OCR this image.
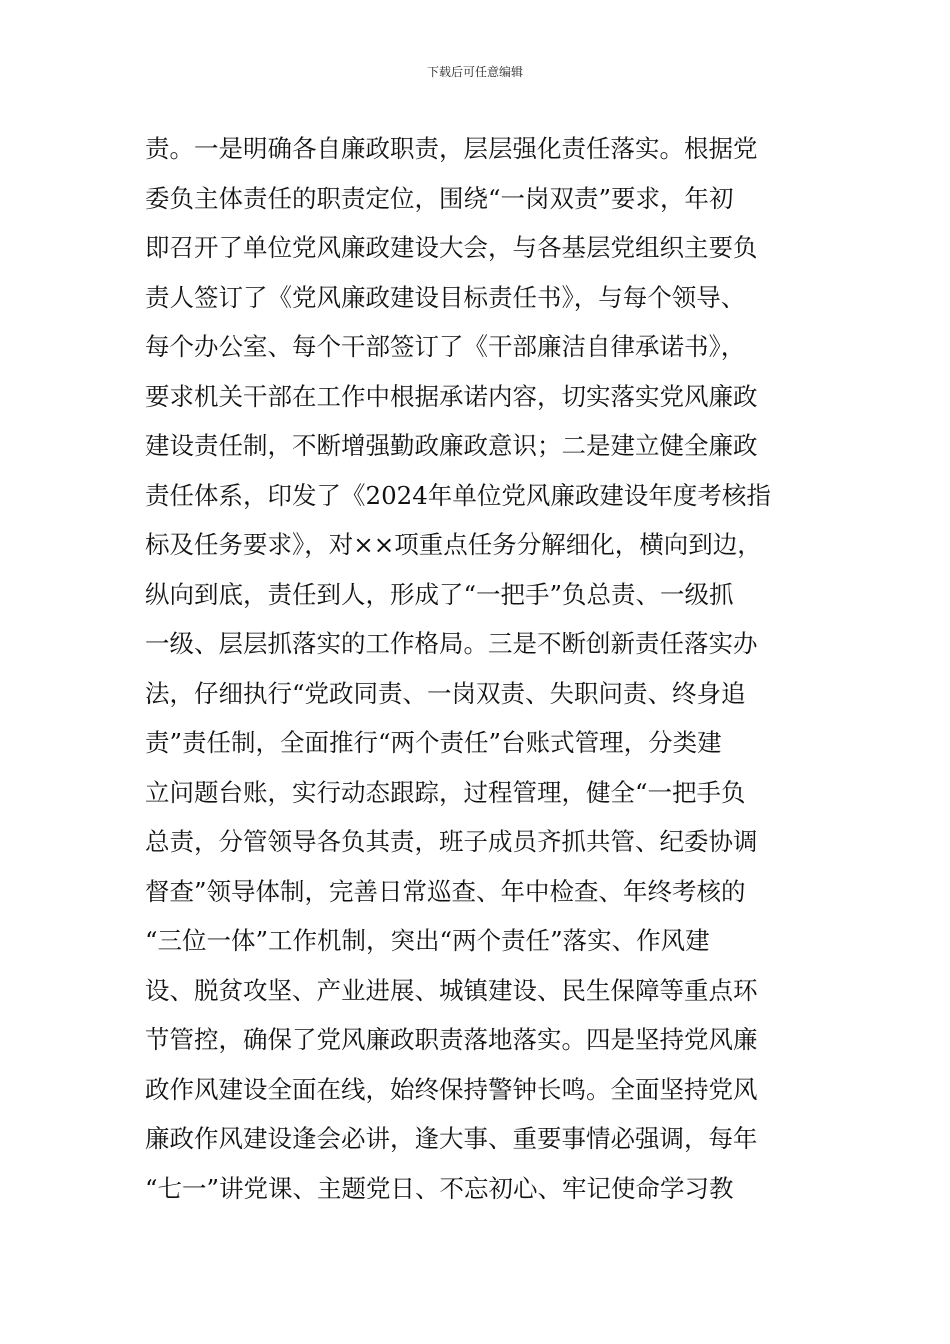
下载后可任意编辑
责。一是明确各自廉政职责，层层强化责任落实。根据党
委负主体责任的职责定位，围绕“一岗双责”要求，年初
即召开了单位党风廉政建设大会，与各基层党组织主要负
责人签订了《党风廉政建设目标责任书》，与每个领导、
每个办公室、每个干部签订了《干部廉洁自律承诺书》，
要求机关干部在工作中根据承诺内容，切实落实党风廉政
建设责任制，不断增强勤政廉政意识；二是建立健全廉政
责任体系，印发了《2024年单位党风廉政建设年度考核指
标及任务要求》，对××项重点任务分解细化，横向到边，
纵向到底，责任到人，形成了“一把手”负总责、一级抓
一级、层层抓落实的工作格局。三是不断创新责任落实办
法，仔细执行“党政同责、一岗双责、失职问责、终身追
责”责任制，全面推行“两个责任”台账式管理，分类建
立问题台账，实行动态跟踪，过程管理，健全“一把手负
总责，分管领导各负其责，班子成员齐抓共管、纪委协调
督查”领导体制，完善日常巡查、年中检查、年终考核的
“三位一体”工作机制，突出“两个责任”落实、作风建
设、脱贫攻坚、产业进展、城镇建设、民生保障等重点环
节管控，确保了党风廉政职责落地落实。四是坚持党风廉
政作风建设全面在线，始终保持警钟长鸣。全面坚持党风
廉政作风建设逢会必讲，逢大事、重要事情必强调，每年
“七一”讲党课、主题党日、不忘初心、牢记使命学习教
